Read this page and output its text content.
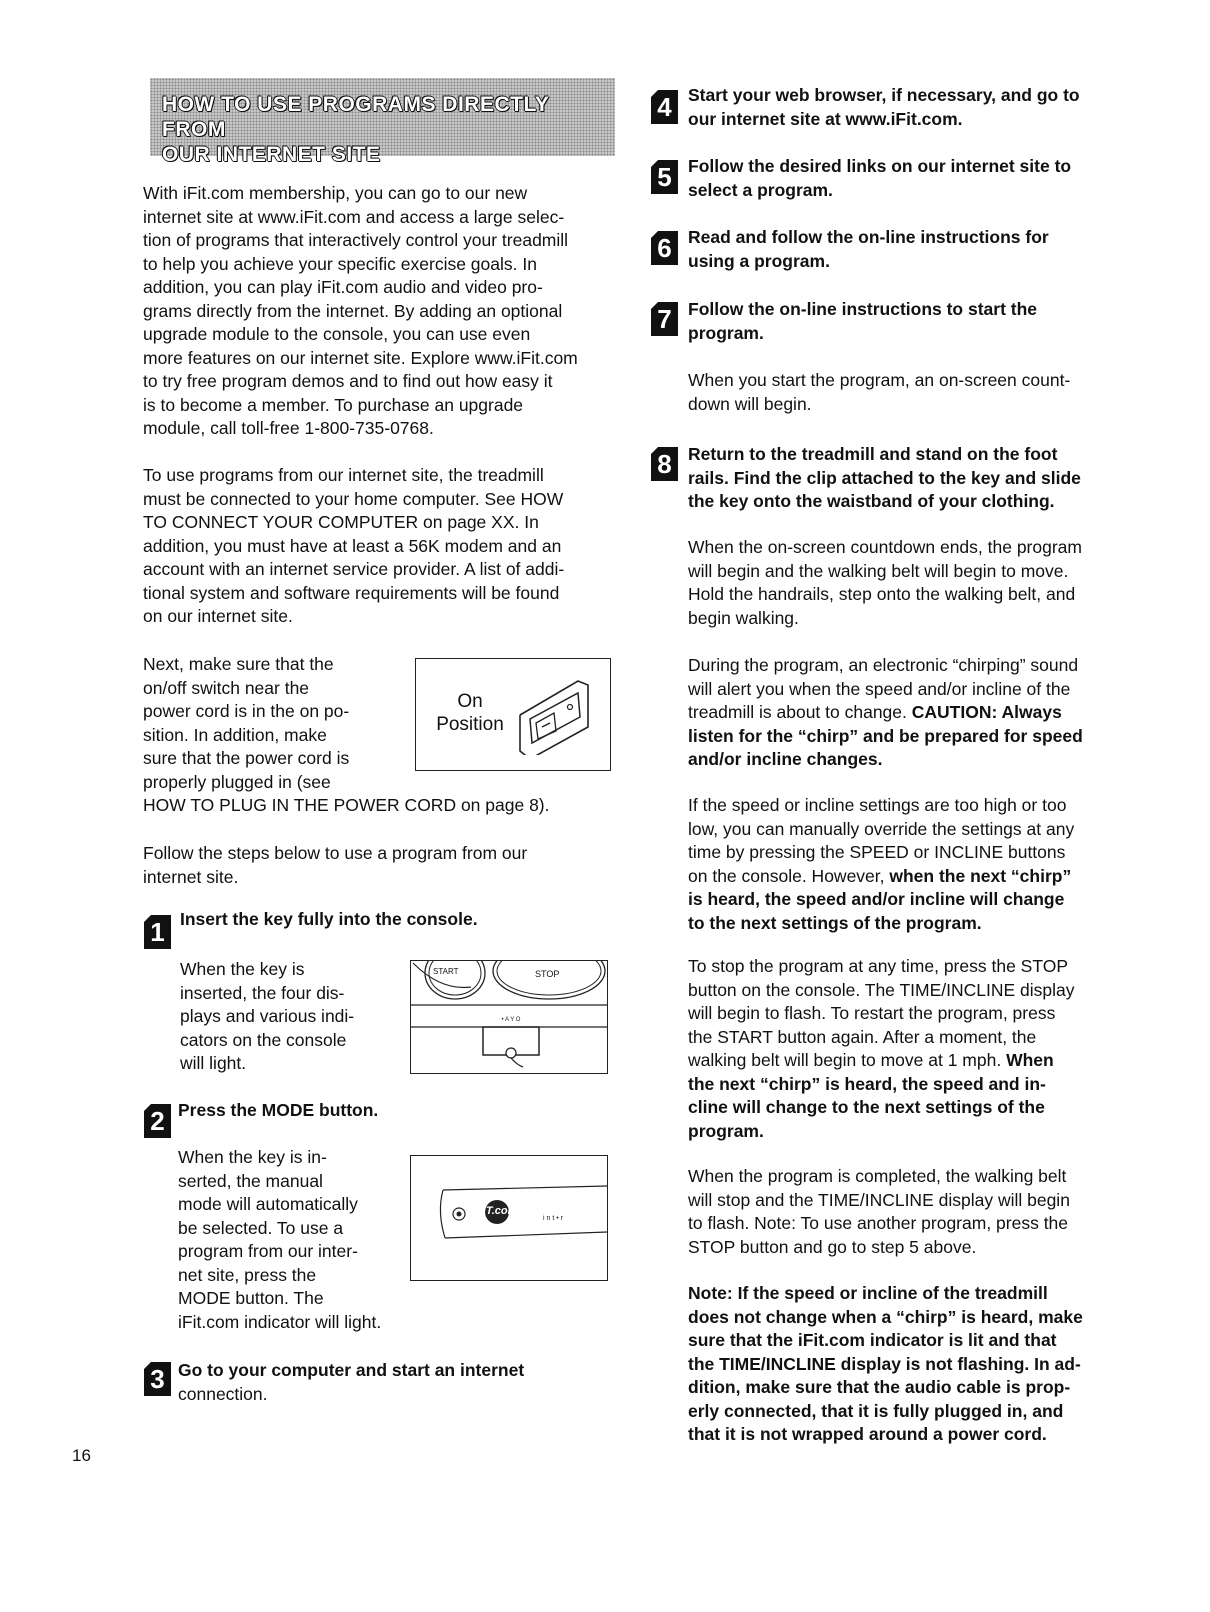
HOW TO USE PROGRAMS DIRECTLY FROM
OUR INTERNET SITE

With iFit.com membership, you can go to our new

internet site at www.iFit.com and access a large selec-

tion of programs that interactively control your treadmill

to help you achieve your specific exercise goals. In

addition, you can play iFit.com audio and video pro-

grams directly from the internet. By adding an optional

upgrade module to the console, you can use even

more features on our internet site. Explore www.iFit.com

to try free program demos and to find out how easy it

is to become a member. To purchase an upgrade

module, call toll-free 1-800-735-0768.

To use programs from our internet site, the treadmill

must be connected to your home computer. See HOW

TO CONNECT YOUR COMPUTER on page XX. In

addition, you must have at least a 56K modem and an

account with an internet service provider. A list of addi-

tional system and software requirements will be found

on our internet site.

Next, make sure that the

on/off switch near the

power cord is in the on po-

sition. In addition, make

sure that the power cord is

properly plugged in (see

HOW TO PLUG IN THE POWER CORD on page 8).

On
Position

Follow the steps below to use a program from our

internet site.

1 Insert the key fully into the console.

When the key is

inserted, the four dis-

plays and various indi-

cators on the console

will light.

• A Y O
START	STOP
2 Press the MODE button.

When the key is in-

serted, the manual

mode will automatically

be selected. To use a

program from our inter-

net site, press the

MODE button. The

iFit.com indicator will light.

i n t • r
iFIT.com
3 Go to your computer and start an internet

connection.

4 Start your web browser, if necessary, and go to

our internet site at www.iFit.com.

5 Follow the desired links on our internet site to

select a program.

6 Read and follow the on-line instructions for

using a program.

7 Follow the on-line instructions to start the

program.

When you start the program, an on-screen count-

down will begin.

8 Return to the treadmill and stand on the foot

rails. Find the clip attached to the key and slide

the key onto the waistband of your clothing.

When the on-screen countdown ends, the program

will begin and the walking belt will begin to move.

Hold the handrails, step onto the walking belt, and

begin walking.

During the program, an electronic “chirping” sound

will alert you when the speed and/or incline of the

treadmill is about to change. CAUTION: Always

listen for the “chirp” and be prepared for speed

and/or incline changes.

If the speed or incline settings are too high or too

low, you can manually override the settings at any

time by pressing the SPEED or INCLINE buttons

on the console. However, when the next “chirp”

is heard, the speed and/or incline will change

to the next settings of the program.

To stop the program at any time, press the STOP

button on the console. The TIME/INCLINE display

will begin to flash. To restart the program, press

the START button again. After a moment, the

walking belt will begin to move at 1 mph. When

the next “chirp” is heard, the speed and in-

cline will change to the next settings of the

program.

When the program is completed, the walking belt

will stop and the TIME/INCLINE display will begin

to flash. Note: To use another program, press the

STOP button and go to step 5 above.

Note: If the speed or incline of the treadmill

does not change when a “chirp” is heard, make

sure that the iFit.com indicator is lit and that

the TIME/INCLINE display is not flashing. In ad-

dition, make sure that the audio cable is prop-

erly connected, that it is fully plugged in, and

that it is not wrapped around a power cord.

16
